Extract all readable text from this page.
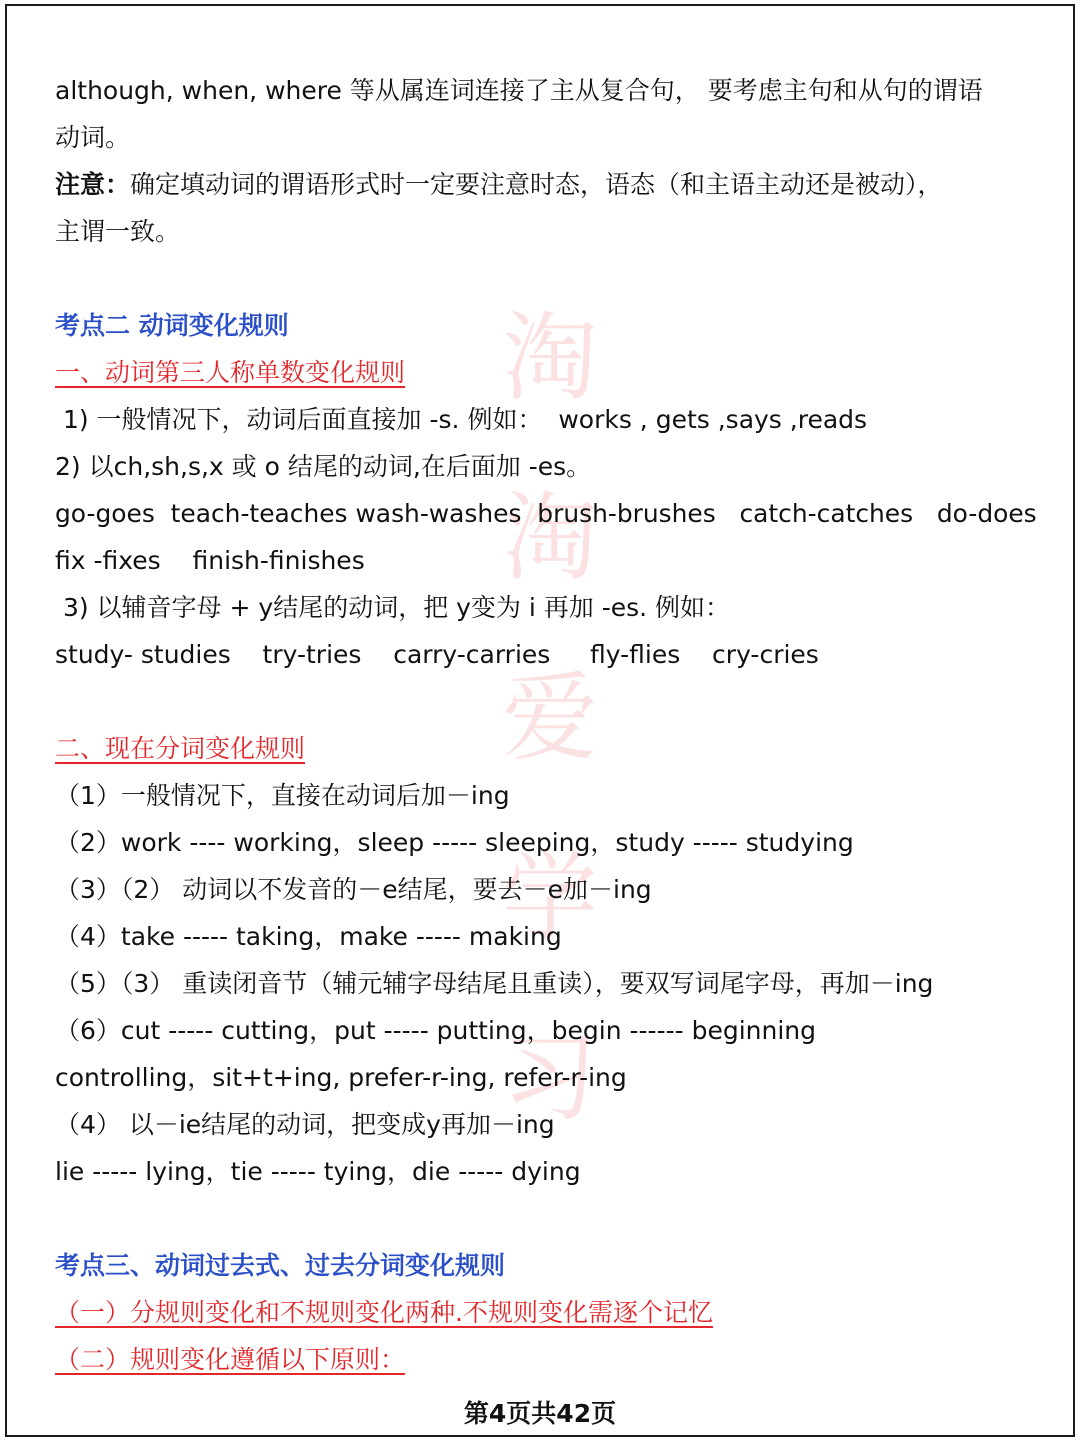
淘
淘
爱
学
习
although, when, where 等从属连词连接了主从复合句， 要考虑主句和从句的谓语
动词。
注意：确定填动词的谓语形式时一定要注意时态，语态（和主语主动还是被动），
主谓一致。
考点二 动词变化规则
一、动词第三人称单数变化规则
1) 一般情况下，动词后面直接加 -s. 例如：  works , gets ,says ,reads
2) 以ch,sh,s,x 或 o 结尾的动词,在后面加 -es。
go-goes  teach-teaches wash-washes  brush-brushes   catch-catches   do-does
fix -fixes    finish-finishes
3) 以辅音字母 + y结尾的动词，把 y变为 i 再加 -es. 例如：
study- studies    try-tries    carry-carries     fly-flies    cry-cries
二、现在分词变化规则
（1）一般情况下，直接在动词后加－ing
（2）work ---- working，sleep ----- sleeping，study ----- studying
（3）（2） 动词以不发音的－e结尾，要去－e加－ing
（4）take ----- taking，make ----- making
（5）（3） 重读闭音节（辅元辅字母结尾且重读），要双写词尾字母，再加－ing
（6）cut ----- cutting，put ----- putting，begin ------ beginning
controlling，sit+t+ing, prefer-r-ing, refer-r-ing
（4） 以－ie结尾的动词，把变成y再加－ing
lie ----- lying，tie ----- tying，die ----- dying
考点三、动词过去式、过去分词变化规则
（一）分规则变化和不规则变化两种.不规则变化需逐个记忆
（二）规则变化遵循以下原则：
第4页共42页
